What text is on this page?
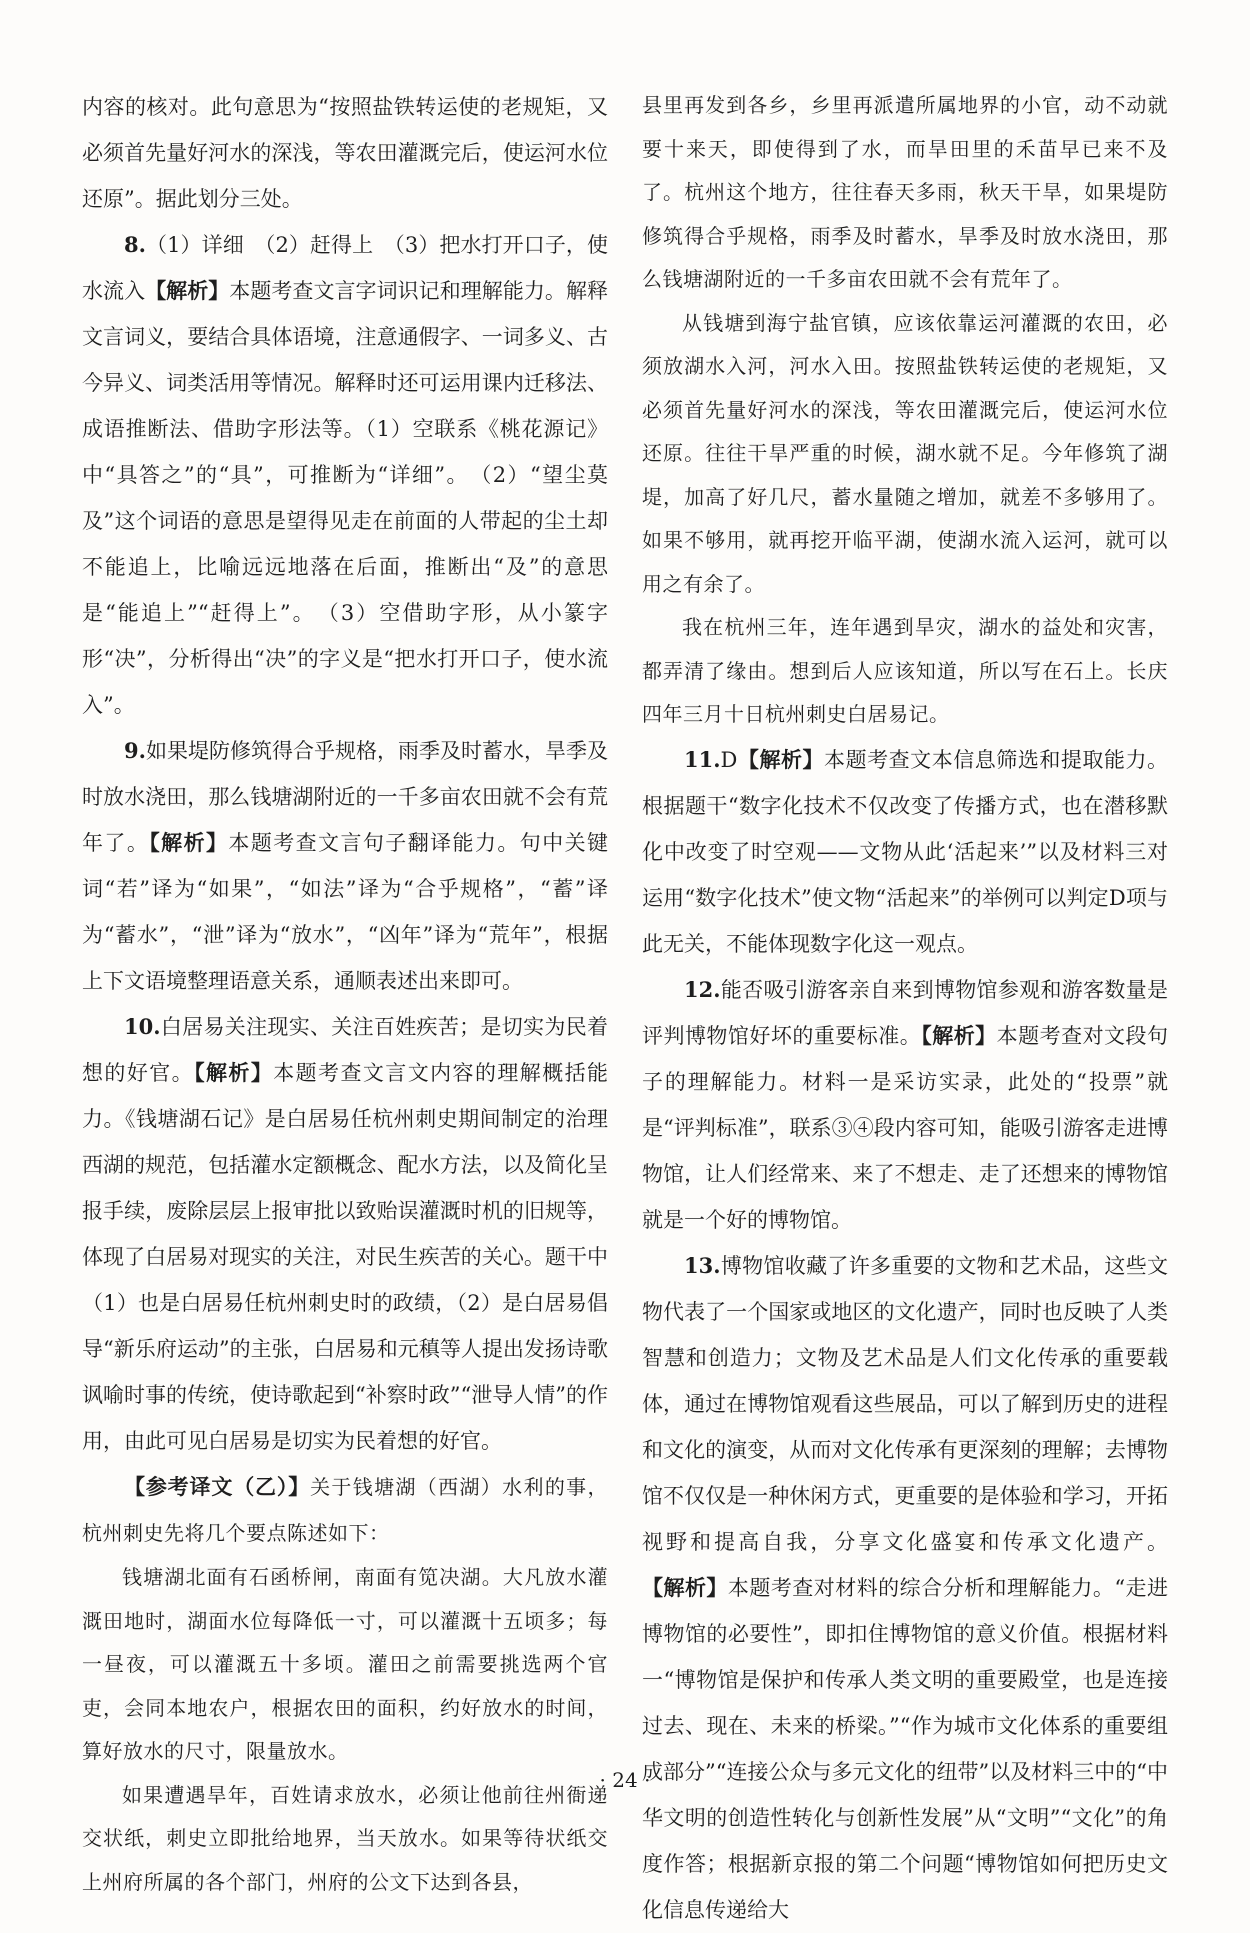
内容的核对。此句意思为“按照盐铁转运使的老规矩，又必须首先量好河水的深浅，等农田灌溉完后，使运河水位还原”。据此划分三处。

8.（1）详细　（2）赶得上　（3）把水打开口子，使水流入【解析】本题考查文言字词识记和理解能力。解释文言词义，要结合具体语境，注意通假字、一词多义、古今异义、词类活用等情况。解释时还可运用课内迁移法、成语推断法、借助字形法等。（1）空联系《桃花源记》中“具答之”的“具”，可推断为“详细”。　（2）“望尘莫及”这个词语的意思是望得见走在前面的人带起的尘土却不能追上，比喻远远地落在后面，推断出“及”的意思是“能追上”“赶得上”。　（3）空借助字形，从小篆字形“决”，分析得出“决”的字义是“把水打开口子，使水流入”。

9.如果堤防修筑得合乎规格，雨季及时蓄水，旱季及时放水浇田，那么钱塘湖附近的一千多亩农田就不会有荒年了。【解析】本题考查文言句子翻译能力。句中关键词“若”译为“如果”，“如法”译为“合乎规格”，“蓄”译为“蓄水”，“泄”译为“放水”，“凶年”译为“荒年”，根据上下文语境整理语意关系，通顺表述出来即可。

10.白居易关注现实、关注百姓疾苦；是切实为民着想的好官。【解析】本题考查文言文内容的理解概括能力。《钱塘湖石记》是白居易任杭州刺史期间制定的治理西湖的规范，包括灌水定额概念、配水方法，以及简化呈报手续，废除层层上报审批以致贻误灌溉时机的旧规等，体现了白居易对现实的关注，对民生疾苦的关心。题干中（1）也是白居易任杭州刺史时的政绩，（2）是白居易倡导“新乐府运动”的主张，白居易和元稹等人提出发扬诗歌讽喻时事的传统，使诗歌起到“补察时政”“泄导人情”的作用，由此可见白居易是切实为民着想的好官。

【参考译文（乙）】关于钱塘湖（西湖）水利的事，杭州刺史先将几个要点陈述如下：

钱塘湖北面有石函桥闸，南面有笕决湖。大凡放水灌溉田地时，湖面水位每降低一寸，可以灌溉十五顷多；每一昼夜，可以灌溉五十多顷。灌田之前需要挑选两个官吏，会同本地农户，根据农田的面积，约好放水的时间，算好放水的尺寸，限量放水。

如果遭遇旱年，百姓请求放水，必须让他前往州衙递交状纸，刺史立即批给地界，当天放水。如果等待状纸交上州府所属的各个部门，州府的公文下达到各县，

县里再发到各乡，乡里再派遣所属地界的小官，动不动就要十来天，即使得到了水，而旱田里的禾苗早已来不及了。杭州这个地方，往往春天多雨，秋天干旱，如果堤防修筑得合乎规格，雨季及时蓄水，旱季及时放水浇田，那么钱塘湖附近的一千多亩农田就不会有荒年了。

从钱塘到海宁盐官镇，应该依靠运河灌溉的农田，必须放湖水入河，河水入田。按照盐铁转运使的老规矩，又必须首先量好河水的深浅，等农田灌溉完后，使运河水位还原。往往干旱严重的时候，湖水就不足。今年修筑了湖堤，加高了好几尺，蓄水量随之增加，就差不多够用了。如果不够用，就再挖开临平湖，使湖水流入运河，就可以用之有余了。

我在杭州三年，连年遇到旱灾，湖水的益处和灾害，都弄清了缘由。想到后人应该知道，所以写在石上。长庆四年三月十日杭州刺史白居易记。

11.D【解析】本题考查文本信息筛选和提取能力。根据题干“数字化技术不仅改变了传播方式，也在潜移默化中改变了时空观——文物从此‘活起来’”以及材料三对运用“数字化技术”使文物“活起来”的举例可以判定D项与此无关，不能体现数字化这一观点。

12.能否吸引游客亲自来到博物馆参观和游客数量是评判博物馆好坏的重要标准。【解析】本题考查对文段句子的理解能力。材料一是采访实录，此处的“投票”就是“评判标准”，联系③④段内容可知，能吸引游客走进博物馆，让人们经常来、来了不想走、走了还想来的博物馆就是一个好的博物馆。

13.博物馆收藏了许多重要的文物和艺术品，这些文物代表了一个国家或地区的文化遗产，同时也反映了人类智慧和创造力；文物及艺术品是人们文化传承的重要载体，通过在博物馆观看这些展品，可以了解到历史的进程和文化的演变，从而对文化传承有更深刻的理解；去博物馆不仅仅是一种休闲方式，更重要的是体验和学习，开拓视野和提高自我，分享文化盛宴和传承文化遗产。【解析】本题考查对材料的综合分析和理解能力。“走进博物馆的必要性”，即扣住博物馆的意义价值。根据材料一“博物馆是保护和传承人类文明的重要殿堂，也是连接过去、现在、未来的桥梁。”“作为城市文化体系的重要组成部分”“连接公众与多元文化的纽带”以及材料三中的“中华文明的创造性转化与创新性发展”从“文明”“文化”的角度作答；根据新京报的第二个问题“博物馆如何把历史文化信息传递给大

· 24 ·
